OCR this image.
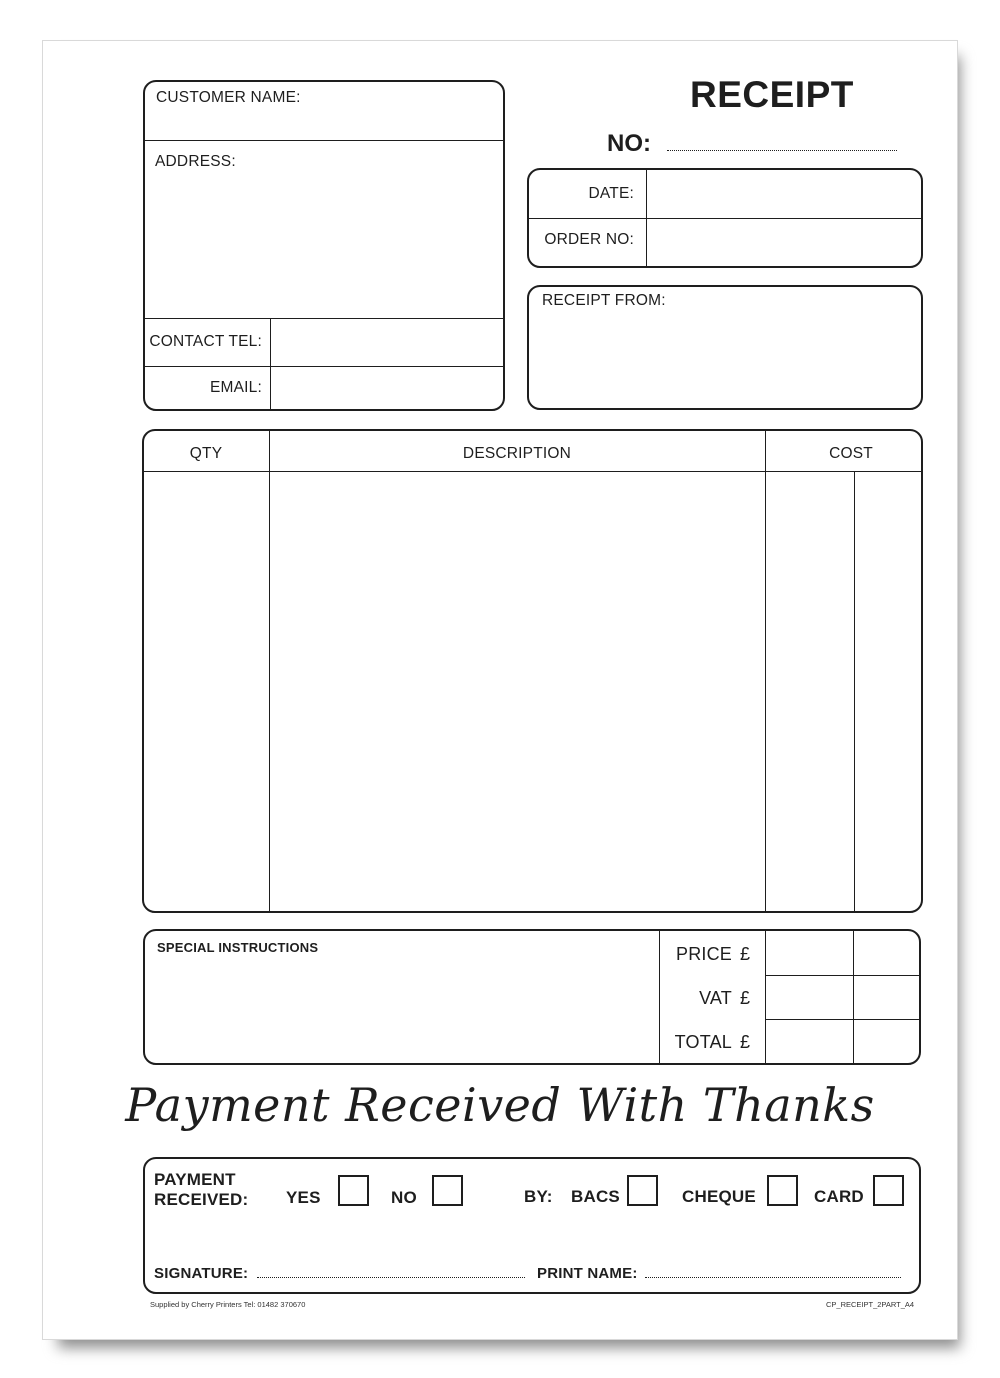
RECEIPT
NO:
CUSTOMER NAME:
ADDRESS:
CONTACT TEL:
EMAIL:
DATE:
ORDER NO:
RECEIPT FROM:
QTY	DESCRIPTION	COST
SPECIAL INSTRUCTIONS	PRICE £
VAT £
TOTAL £
Payment Received With Thanks
PAYMENT
RECEIVED: YES	NO	BY: BACS	CHEQUE	CARD
SIGNATURE:	PRINT NAME:
Supplied by Cherry Printers Tel: 01482 370670	CP_RECEIPT_2PART_A4
